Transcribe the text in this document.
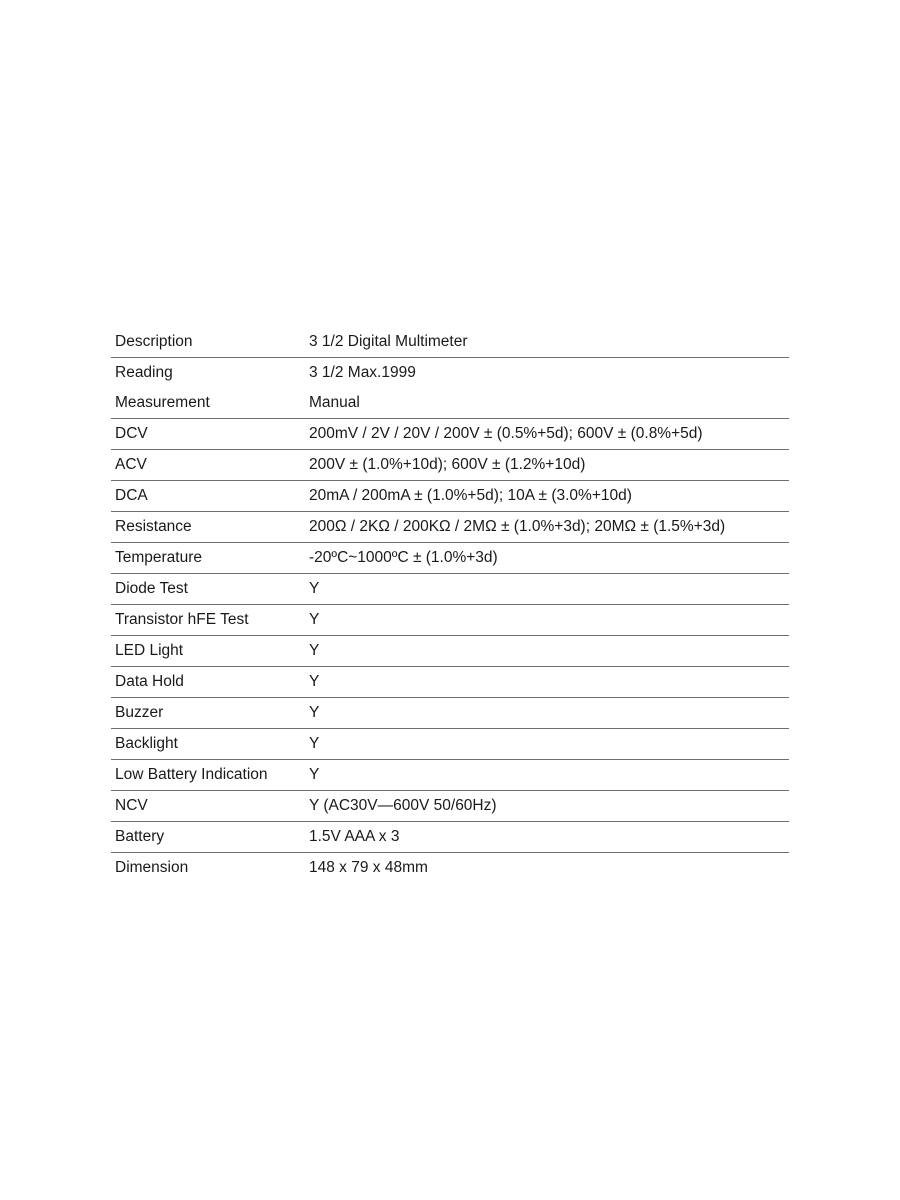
Description	3 1/2 Digital Multimeter
Reading	3 1/2 Max.1999
Measurement	Manual
DCV	200mV / 2V / 20V / 200V ± (0.5%+5d); 600V ± (0.8%+5d)
ACV	200V ± (1.0%+10d); 600V ± (1.2%+10d)
DCA	20mA / 200mA ± (1.0%+5d); 10A ± (3.0%+10d)
Resistance	200Ω / 2KΩ / 200KΩ / 2MΩ ± (1.0%+3d); 20MΩ ± (1.5%+3d)
Temperature	-20ºC~1000ºC ± (1.0%+3d)
Diode Test	Y
Transistor hFE Test	Y
LED Light	Y
Data Hold	Y
Buzzer	Y
Backlight	Y
Low Battery Indication	Y
NCV	Y (AC30V—600V 50/60Hz)
Battery	1.5V AAA x 3
Dimension	148 x 79 x 48mm
